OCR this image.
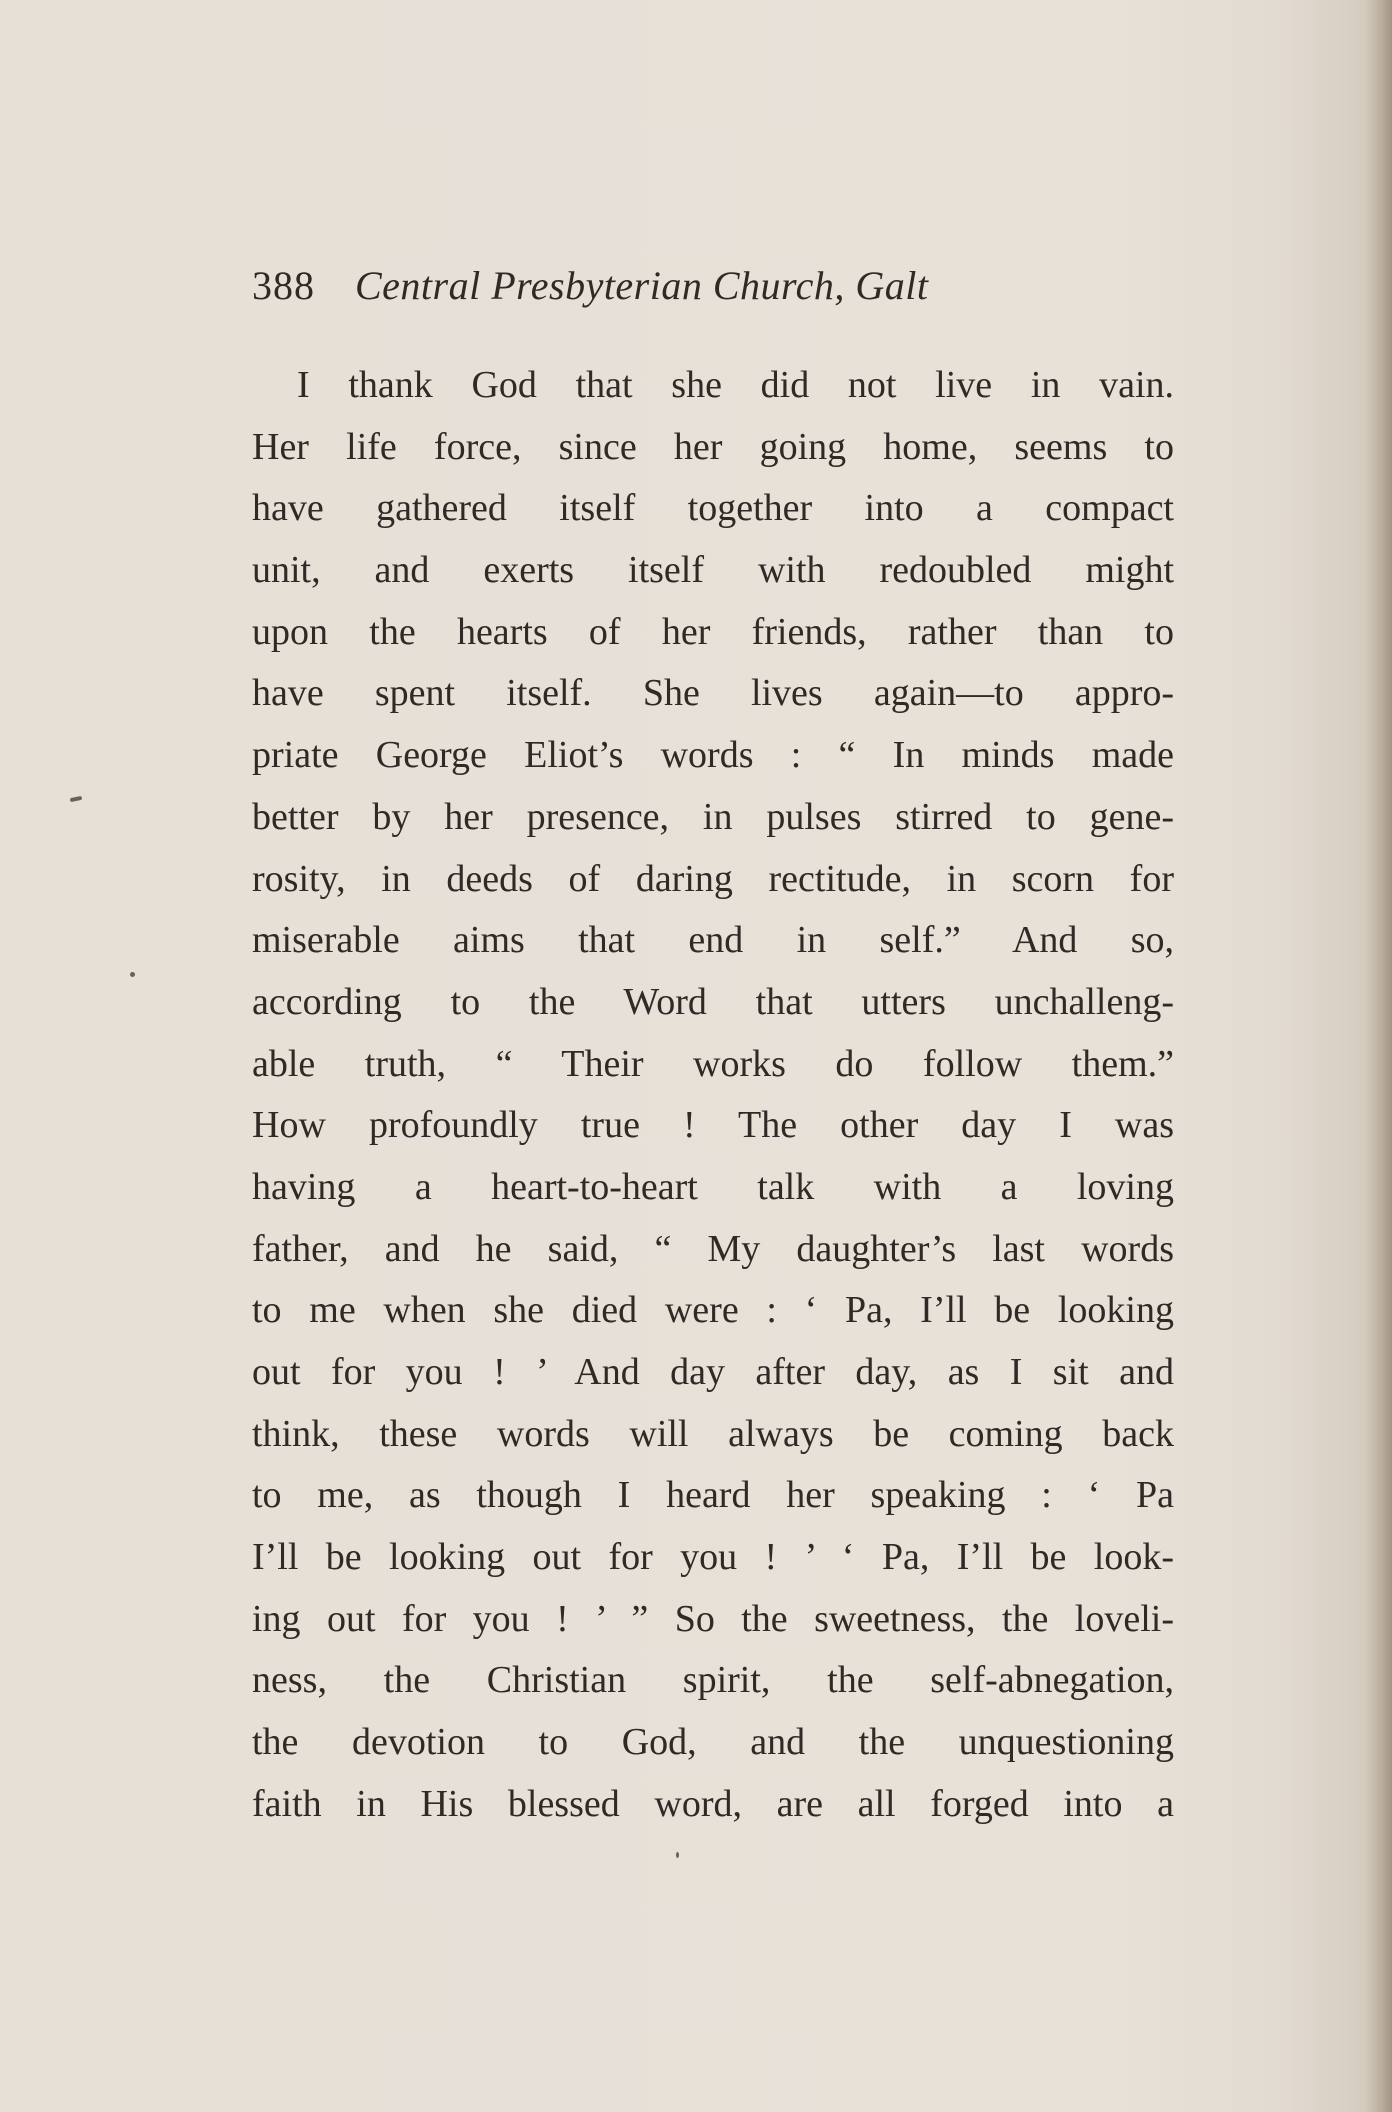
388 Central Presbyterian Church, Galt
I thank God that she did not live in vain.
Her life force, since her going home, seems to
have gathered itself together into a compact
unit, and exerts itself with redoubled might
upon the hearts of her friends, rather than to
have spent itself. She lives again—to appro-
priate George Eliot’s words : “ In minds made
better by her presence, in pulses stirred to gene-
rosity, in deeds of daring rectitude, in scorn for
miserable aims that end in self.” And so,
according to the Word that utters unchalleng-
able truth, “ Their works do follow them.”
How profoundly true ! The other day I was
having a heart-to-heart talk with a loving
father, and he said, “ My daughter’s last words
to me when she died were : ‘ Pa, I’ll be looking
out for you ! ’ And day after day, as I sit and
think, these words will always be coming back
to me, as though I heard her speaking : ‘ Pa
I’ll be looking out for you ! ’ ‘ Pa, I’ll be look-
ing out for you ! ’ ” So the sweetness, the loveli-
ness, the Christian spirit, the self-abnegation,
the devotion to God, and the unquestioning
faith in His blessed word, are all forged into a
